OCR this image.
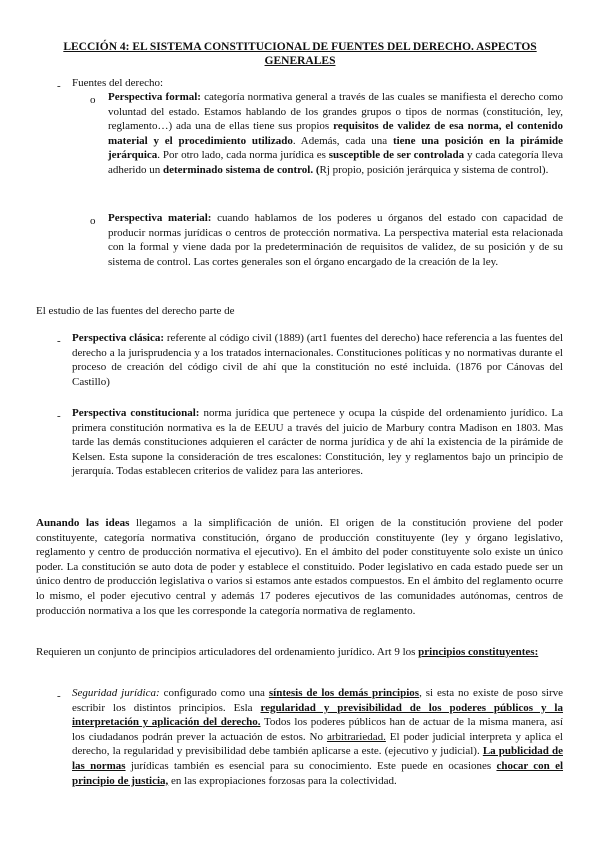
LECCIÓN 4: EL SISTEMA CONSTITUCIONAL DE FUENTES DEL DERECHO. ASPECTOS GENERALES
- Fuentes del derecho:
o Perspectiva formal: categoría normativa general a través de las cuales se manifiesta el derecho como voluntad del estado. Estamos hablando de los grandes grupos o tipos de normas (constitución, ley, reglamento…) ada una de ellas tiene sus propios requisitos de validez de esa norma, el contenido material y el procedimiento utilizado. Además, cada una tiene una posición en la pirámide jerárquica. Por otro lado, cada norma jurídica es susceptible de ser controlada y cada categoría lleva adherido un determinado sistema de control. (Rj propio, posición jerárquica y sistema de control).
o Perspectiva material: cuando hablamos de los poderes u órganos del estado con capacidad de producir normas jurídicas o centros de protección normativa. La perspectiva material esta relacionada con la formal y viene dada por la predeterminación de requisitos de validez, de su posición y de su sistema de control. Las cortes generales son el órgano encargado de la creación de la ley.
El estudio de las fuentes del derecho parte de
- Perspectiva clásica: referente al código civil (1889) (art1 fuentes del derecho) hace referencia a las fuentes del derecho a la jurisprudencia y a los tratados internacionales. Constituciones políticas y no normativas durante el proceso de creación del código civil de ahí que la constitución no esté incluida. (1876 por Cánovas del Castillo)
- Perspectiva constitucional: norma jurídica que pertenece y ocupa la cúspide del ordenamiento jurídico. La primera constitución normativa es la de EEUU a través del juicio de Marbury contra Madison en 1803. Mas tarde las demás constituciones adquieren el carácter de norma jurídica y de ahí la existencia de la pirámide de Kelsen. Esta supone la consideración de tres escalones: Constitución, ley y reglamentos bajo un principio de jerarquía. Todas establecen criterios de validez para las anteriores.
Aunando las ideas llegamos a la simplificación de unión. El origen de la constitución proviene del poder constituyente, categoría normativa constitución, órgano de producción constituyente (ley y órgano legislativo, reglamento y centro de producción normativa el ejecutivo). En el ámbito del poder constituyente solo existe un único poder. La constitución se auto dota de poder y establece el constituido. Poder legislativo en cada estado puede ser un único dentro de producción legislativa o varios si estamos ante estados compuestos. En el ámbito del reglamento ocurre lo mismo, el poder ejecutivo central y además 17 poderes ejecutivos de las comunidades autónomas, centros de producción normativa a los que les corresponde la categoría normativa de reglamento.
Requieren un conjunto de principios articuladores del ordenamiento jurídico. Art 9 los principios constituyentes:
- Seguridad jurídica: configurado como una síntesis de los demás principios, si esta no existe de poso sirve escribir los distintos principios. Esla regularidad y previsibilidad de los poderes públicos y la interpretación y aplicación del derecho. Todos los poderes públicos han de actuar de la misma manera, así los ciudadanos podrán prever la actuación de estos. No arbitrariedad. El poder judicial interpreta y aplica el derecho, la regularidad y previsibilidad debe también aplicarse a este. (ejecutivo y judicial). La publicidad de las normas jurídicas también es esencial para su conocimiento. Este puede en ocasiones chocar con el principio de justicia, en las expropiaciones forzosas para la colectividad.
